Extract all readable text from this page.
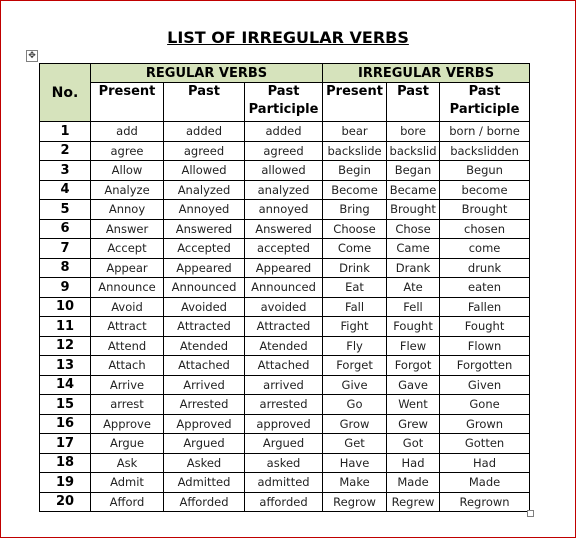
LIST OF IRREGULAR VERBS
✥
No.	REGULAR VERBS			IRREGULAR VERBS		
	Present	Past	Past Participle	Present	Past	Past Participle
1	add	added	added	bear	bore	born / borne
2	agree	agreed	agreed	backslide	backslid	backslidden
3	Allow	Allowed	allowed	Begin	Began	Begun
4	Analyze	Analyzed	analyzed	Become	Became	become
5	Annoy	Annoyed	annoyed	Bring	Brought	Brought
6	Answer	Answered	Answered	Choose	Chose	chosen
7	Accept	Accepted	accepted	Come	Came	come
8	Appear	Appeared	Appeared	Drink	Drank	drunk
9	Announce	Announced	Announced	Eat	Ate	eaten
10	Avoid	Avoided	avoided	Fall	Fell	Fallen
11	Attract	Attracted	Attracted	Fight	Fought	Fought
12	Attend	Atended	Atended	Fly	Flew	Flown
13	Attach	Attached	Attached	Forget	Forgot	Forgotten
14	Arrive	Arrived	arrived	Give	Gave	Given
15	arrest	Arrested	arrested	Go	Went	Gone
16	Approve	Approved	approved	Grow	Grew	Grown
17	Argue	Argued	Argued	Get	Got	Gotten
18	Ask	Asked	asked	Have	Had	Had
19	Admit	Admitted	admitted	Make	Made	Made
20	Afford	Afforded	afforded	Regrow	Regrew	Regrown
